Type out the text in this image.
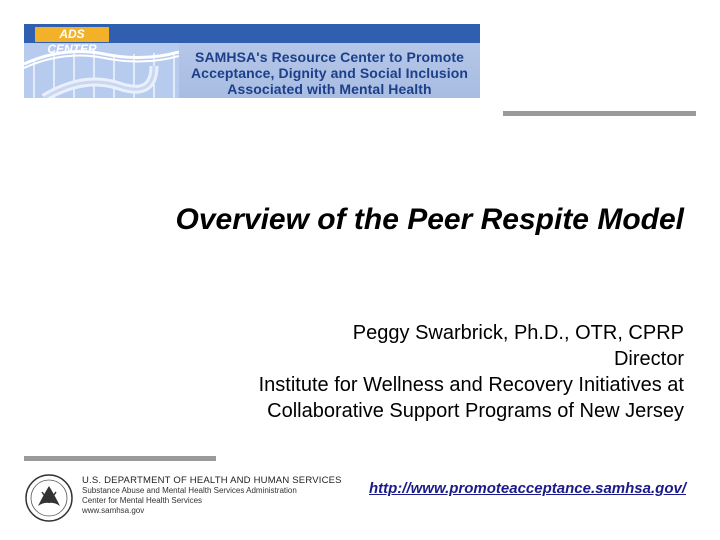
ADS CENTER	SAMHSA's Resource Center to Promote
Acceptance, Dignity and Social Inclusion
Associated with Mental Health
Overview of the Peer Respite Model
Peggy Swarbrick, Ph.D., OTR, CPRP
Director
Institute for Wellness and Recovery Initiatives at
Collaborative Support Programs of New Jersey
U.S. DEPARTMENT OF HEALTH AND HUMAN SERVICES
Substance Abuse and Mental Health Services Administration
Center for Mental Health Services
www.samhsa.gov
http://www.promoteacceptance.samhsa.gov/
